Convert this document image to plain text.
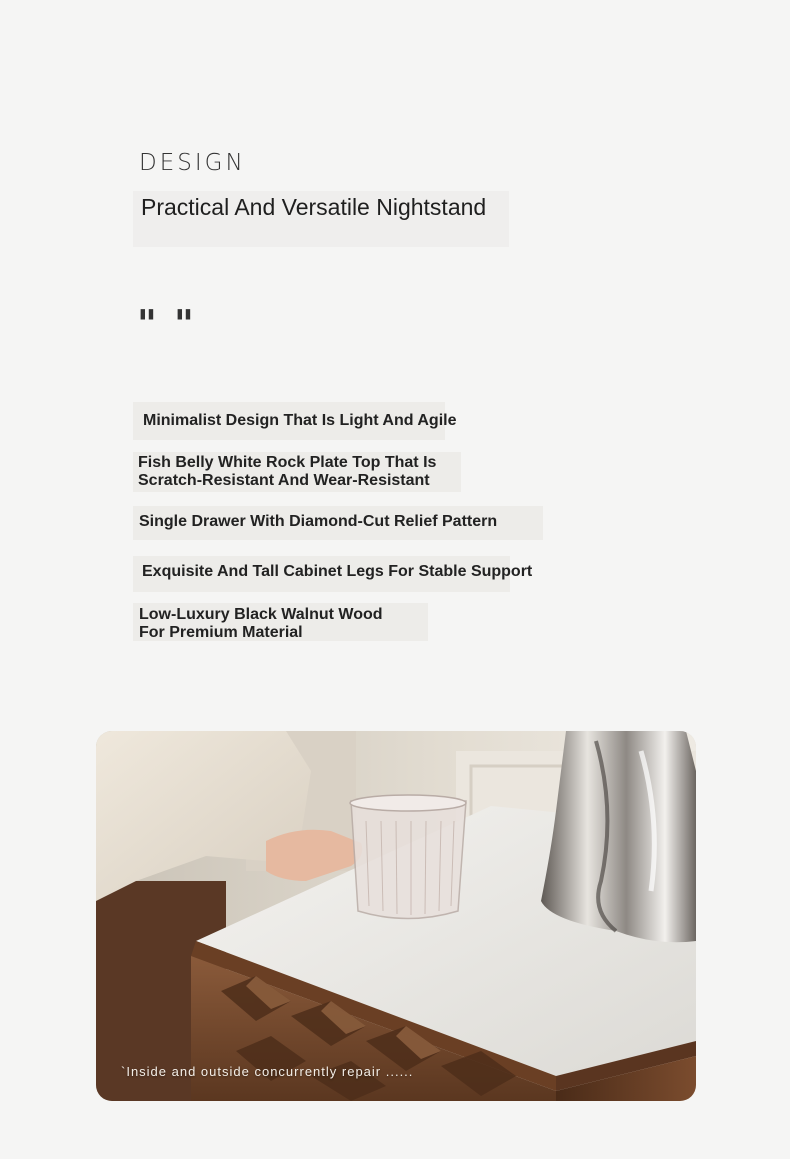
DESIGN
Practical And Versatile Nightstand
" "
Minimalist Design That Is Light And Agile
Fish Belly White Rock Plate Top That Is Scratch-Resistant And Wear-Resistant
Single Drawer With Diamond-Cut Relief Pattern
Exquisite And Tall Cabinet Legs For Stable Support
Low-Luxury Black Walnut Wood For Premium Material
`Inside and outside concurrently repair ......
